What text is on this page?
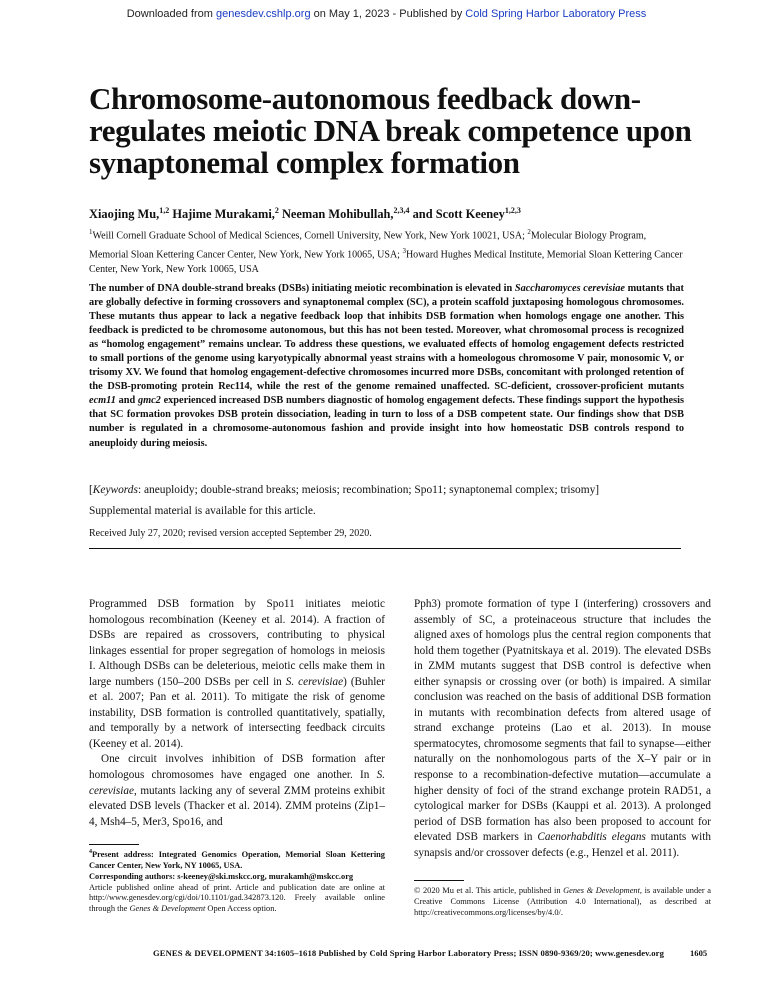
Downloaded from genesdev.cshlp.org on May 1, 2023 - Published by Cold Spring Harbor Laboratory Press
Chromosome-autonomous feedback down-regulates meiotic DNA break competence upon synaptonemal complex formation
Xiaojing Mu,$^{1,2}$ Hajime Murakami,$^2$ Neeman Mohibullah,$^{2,3,4}$ and Scott Keeney$^{1,2,3}$
$^1$Weill Cornell Graduate School of Medical Sciences, Cornell University, New York, New York 10021, USA; $^2$Molecular Biology Program, Memorial Sloan Kettering Cancer Center, New York, New York 10065, USA; $^3$Howard Hughes Medical Institute, Memorial Sloan Kettering Cancer Center, New York, New York 10065, USA
The number of DNA double-strand breaks (DSBs) initiating meiotic recombination is elevated in Saccharomyces cerevisiae mutants that are globally defective in forming crossovers and synaptonemal complex (SC), a protein scaffold juxtaposing homologous chromosomes. These mutants thus appear to lack a negative feedback loop that inhibits DSB formation when homologs engage one another. This feedback is predicted to be chromosome autonomous, but this has not been tested. Moreover, what chromosomal process is recognized as “homolog engagement” remains unclear. To address these questions, we evaluated effects of homolog engagement defects restricted to small portions of the genome using karyotypically abnormal yeast strains with a homeologous chromosome V pair, monosomic V, or trisomy XV. We found that homolog engagement-defective chromosomes incurred more DSBs, concomitant with prolonged retention of the DSB-promoting protein Rec114, while the rest of the genome remained unaffected. SC-deficient, crossover-proficient mutants ecm11 and gmc2 experienced increased DSB numbers diagnostic of homolog engagement defects. These findings support the hypothesis that SC formation provokes DSB protein dissociation, leading in turn to loss of a DSB competent state. Our findings show that DSB number is regulated in a chromosome-autonomous fashion and provide insight into how homeostatic DSB controls respond to aneuploidy during meiosis.
[Keywords: aneuploidy; double-strand breaks; meiosis; recombination; Spo11; synaptonemal complex; trisomy]
Supplemental material is available for this article.
Received July 27, 2020; revised version accepted September 29, 2020.

Programmed DSB formation by Spo11 initiates meiotic homologous recombination (Keeney et al. 2014). A fraction of DSBs are repaired as crossovers, contributing to physical linkages essential for proper segregation of homologs in meiosis I. Although DSBs can be deleterious, meiotic cells make them in large numbers (150–200 DSBs per cell in S. cerevisiae) (Buhler et al. 2007; Pan et al. 2011). To mitigate the risk of genome instability, DSB formation is controlled quantitatively, spatially, and temporally by a network of intersecting feedback circuits (Keeney et al. 2014).

One circuit involves inhibition of DSB formation after homologous chromosomes have engaged one another. In S. cerevisiae, mutants lacking any of several ZMM proteins exhibit elevated DSB levels (Thacker et al. 2014). ZMM proteins (Zip1–4, Msh4–5, Mer3, Spo16, and

Pph3) promote formation of type I (interfering) crossovers and assembly of SC, a proteinaceous structure that includes the aligned axes of homologs plus the central region components that hold them together (Pyatnitskaya et al. 2019). The elevated DSBs in ZMM mutants suggest that DSB control is defective when either synapsis or crossing over (or both) is impaired. A similar conclusion was reached on the basis of additional DSB formation in mutants with recombination defects from altered usage of strand exchange proteins (Lao et al. 2013). In mouse spermatocytes, chromosome segments that fail to synapse—either naturally on the nonhomologous parts of the X–Y pair or in response to a recombination-defective mutation—accumulate a higher density of foci of the strand exchange protein RAD51, a cytological marker for DSBs (Kauppi et al. 2013). A prolonged period of DSB formation has also been proposed to account for elevated DSB markers in Caenorhabditis elegans mutants with synapsis and/or crossover defects (e.g., Henzel et al. 2011).

$^4$Present address: Integrated Genomics Operation, Memorial Sloan Kettering Cancer Center, New York, NY 10065, USA.
Corresponding authors: s-keeney@ski.mskcc.org, murakamh@mskcc.org
Article published online ahead of print. Article and publication date are online at http://www.genesdev.org/cgi/doi/10.1101/gad.342873.120. Freely available online through the Genes & Development Open Access option.
© 2020 Mu et al. This article, published in Genes & Development, is available under a Creative Commons License (Attribution 4.0 International), as described at http://creativecommons.org/licenses/by/4.0/.
GENES & DEVELOPMENT 34:1605–1618 Published by Cold Spring Harbor Laboratory Press; ISSN 0890-9369/20; www.genesdev.org	1605
